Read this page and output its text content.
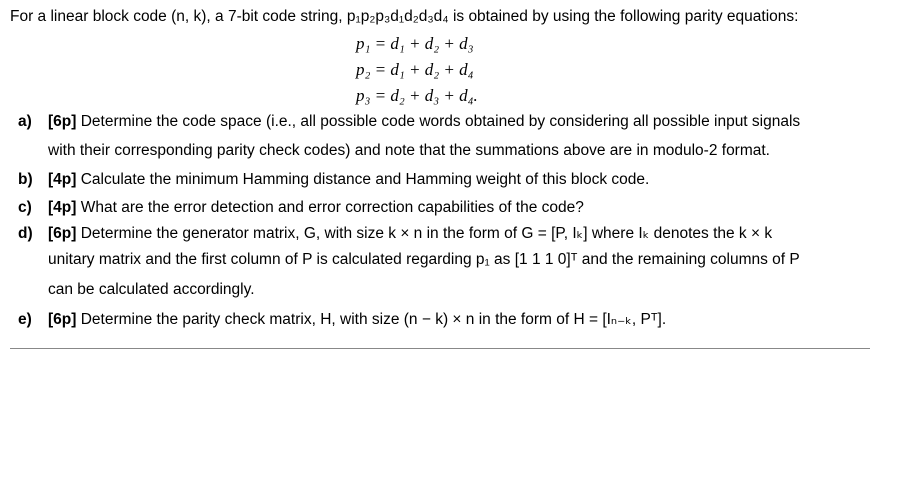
For a linear block code (n, k), a 7-bit code string, p₁p₂p₃d₁d₂d₃d₄ is obtained by using the following parity equations:
p₁ = d₁ + d₂ + d₃
p₂ = d₁ + d₂ + d₄
p₃ = d₂ + d₃ + d₄.
a) [6p] Determine the code space (i.e., all possible code words obtained by considering all possible input signals
with their corresponding parity check codes) and note that the summations above are in modulo-2 format.
b) [4p] Calculate the minimum Hamming distance and Hamming weight of this block code.
c) [4p] What are the error detection and error correction capabilities of the code?
d) [6p] Determine the generator matrix, G, with size k × n in the form of G = [P, Iₖ] where Iₖ denotes the k × k
unitary matrix and the first column of P is calculated regarding p₁ as [1 1 1 0]ᵀ and the remaining columns of P
can be calculated accordingly.
e) [6p] Determine the parity check matrix, H, with size (n − k) × n in the form of H = [Iₙ₋ₖ, Pᵀ].
